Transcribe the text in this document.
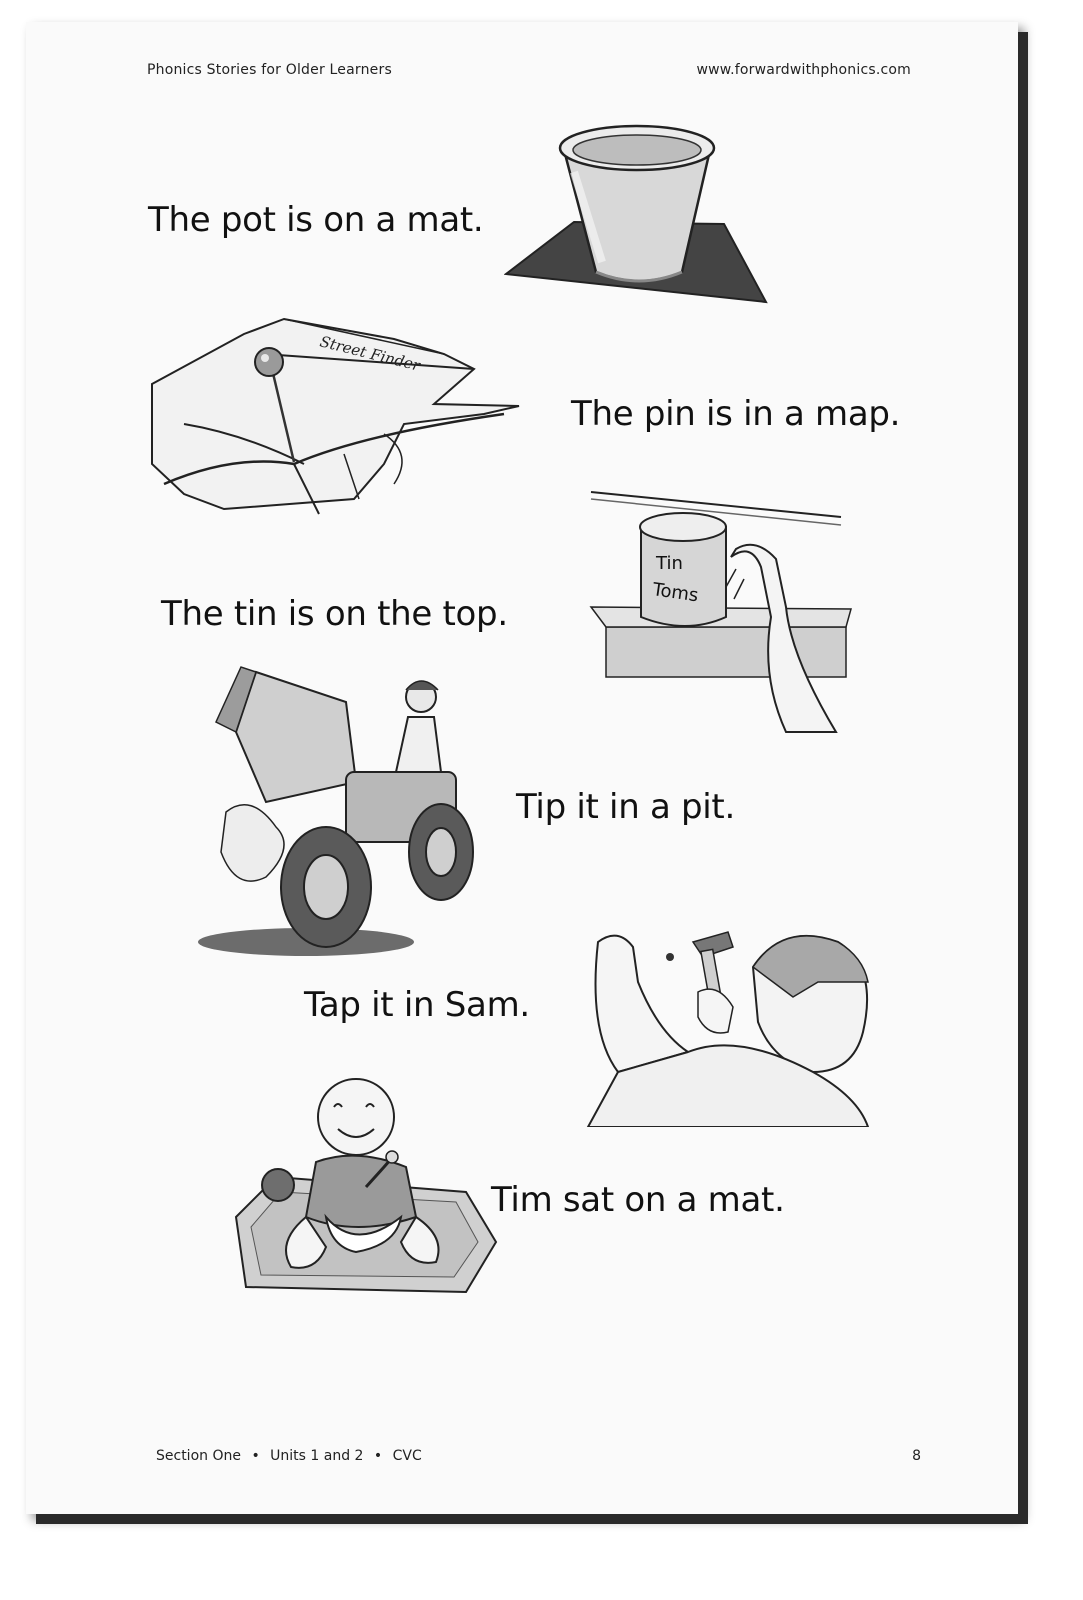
Phonics Stories for Older Learners	www.forwardwithphonics.com
The pot is on a mat.
Street Finder
The pin is in a map.
Tin
Toms
The tin is on the top.
Tip it in a pit.
Tap it in Sam.
Tim sat on a mat.
Section One • Units 1 and 2 • CVC	8
